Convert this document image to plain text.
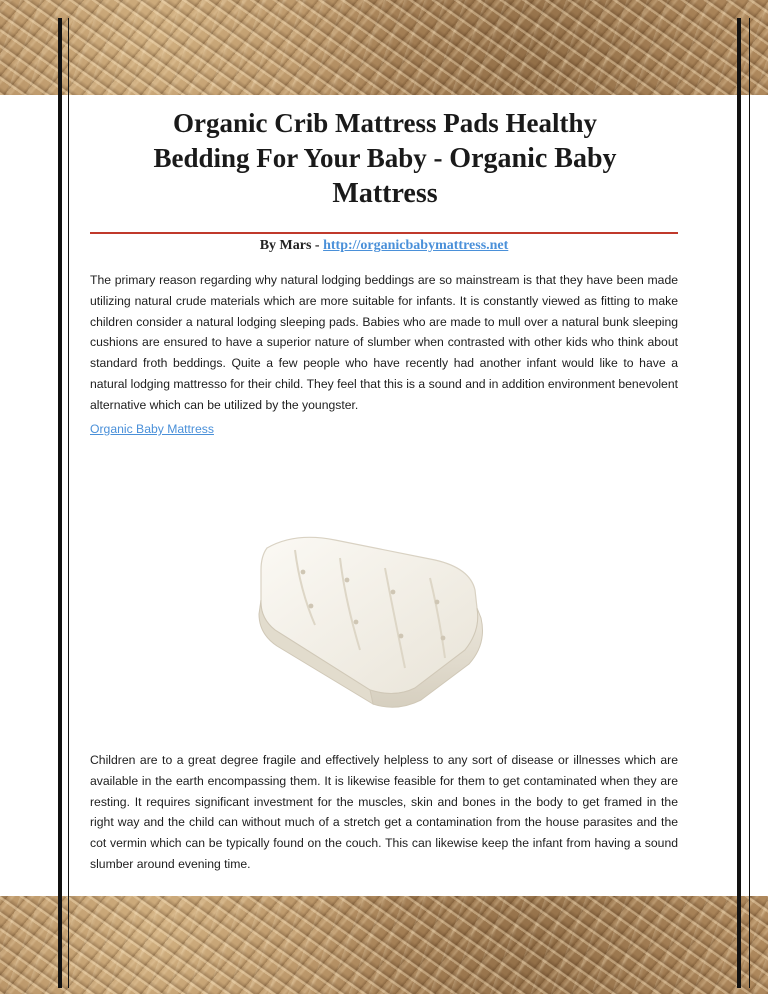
Organic Crib Mattress Pads Healthy
Bedding For Your Baby - Organic Baby Mattress
By Mars - http://organicbabymattress.net

The primary reason regarding why natural lodging beddings are so mainstream is that they have been made utilizing natural crude materials which are more suitable for infants. It is constantly viewed as fitting to make children consider a natural lodging sleeping pads. Babies who are made to mull over a natural bunk sleeping cushions are ensured to have a superior nature of slumber when contrasted with other kids who think about standard froth beddings. Quite a few people who have recently had another infant would like to have a natural lodging mattresso for their child. They feel that this is a sound and in addition environment benevolent alternative which can be utilized by the youngster.

Organic Baby Mattress

Children are to a great degree fragile and effectively helpless to any sort of disease or illnesses which are available in the earth encompassing them. It is likewise feasible for them to get contaminated when they are resting. It requires significant investment for the muscles, skin and bones in the body to get framed in the right way and the child can without much of a stretch get a contamination from the house parasites and the cot vermin which can be typically found on the couch. This can likewise keep the infant from having a sound slumber around evening time.
